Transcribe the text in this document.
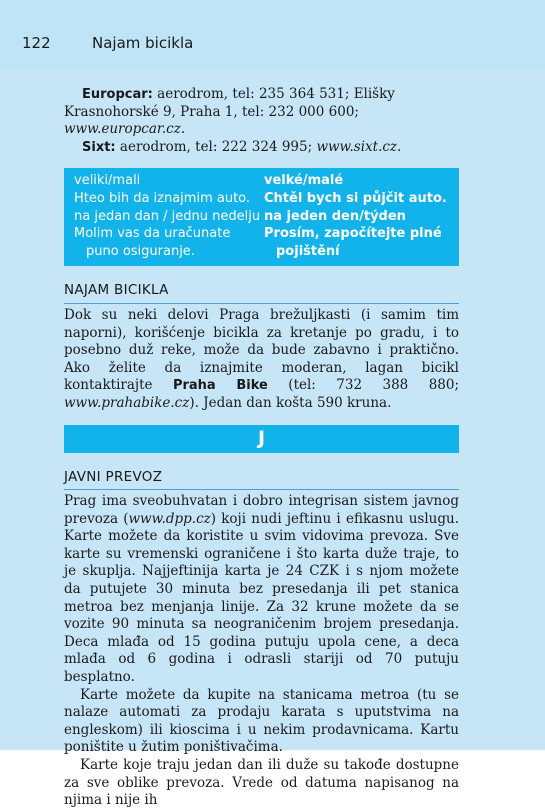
122	Najam bicikla

Europcar: aerodrom, tel: 235 364 531; Elišky Krasnohorské 9, Praha 1, tel: 232 000 600; www.europcar.cz.

Sixt: aerodrom, tel: 222 324 995; www.sixt.cz.

veliki/mali
Hteo bih da iznajmim auto.
na jedan dan / jednu nedelju
Molim vas da uračunate
puno osiguranje.
velké/malé
Chtěl bych si půjčit auto.
na jeden den/týden
Prosím, započítejte plné
pojištění
NAJAM BICIKLA

Dok su neki delovi Praga brežuljkasti (i samim tim naporni), korišćenje bicikla za kretanje po gradu, i to posebno duž reke, može da bude zabavno i praktično. Ako želite da iznajmite moderan, lagan bicikl kontaktirajte Praha Bike (tel: 732 388 880; www.prahabike.cz). Jedan dan košta 590 kruna.

J
JAVNI PREVOZ

Prag ima sveobuhvatan i dobro integrisan sistem javnog prevoza (www.dpp.cz) koji nudi jeftinu i efikasnu uslugu. Karte možete da koristite u svim vidovima prevoza. Sve karte su vremenski ograničene i što karta duže traje, to je skuplja. Najjeftinija karta je 24 CZK i s njom možete da putujete 30 minuta bez presedanja ili pet stanica metroa bez menjanja linije. Za 32 krune možete da se vozite 90 minuta sa neograničenim brojem presedanja. Deca mlađa od 15 godina putuju upola cene, a deca mlađa od 6 godina i odrasli stariji od 70 putuju besplatno.

Karte možete da kupite na stanicama metroa (tu se nalaze automati za prodaju karata s uputstvima na engleskom) ili kioscima i u nekim prodavnicama. Kartu poništite u žutim poništivačima.

Karte koje traju jedan dan ili duže su takođe dostupne za sve oblike prevoza. Vrede od datuma napisanog na njima i nije ih
